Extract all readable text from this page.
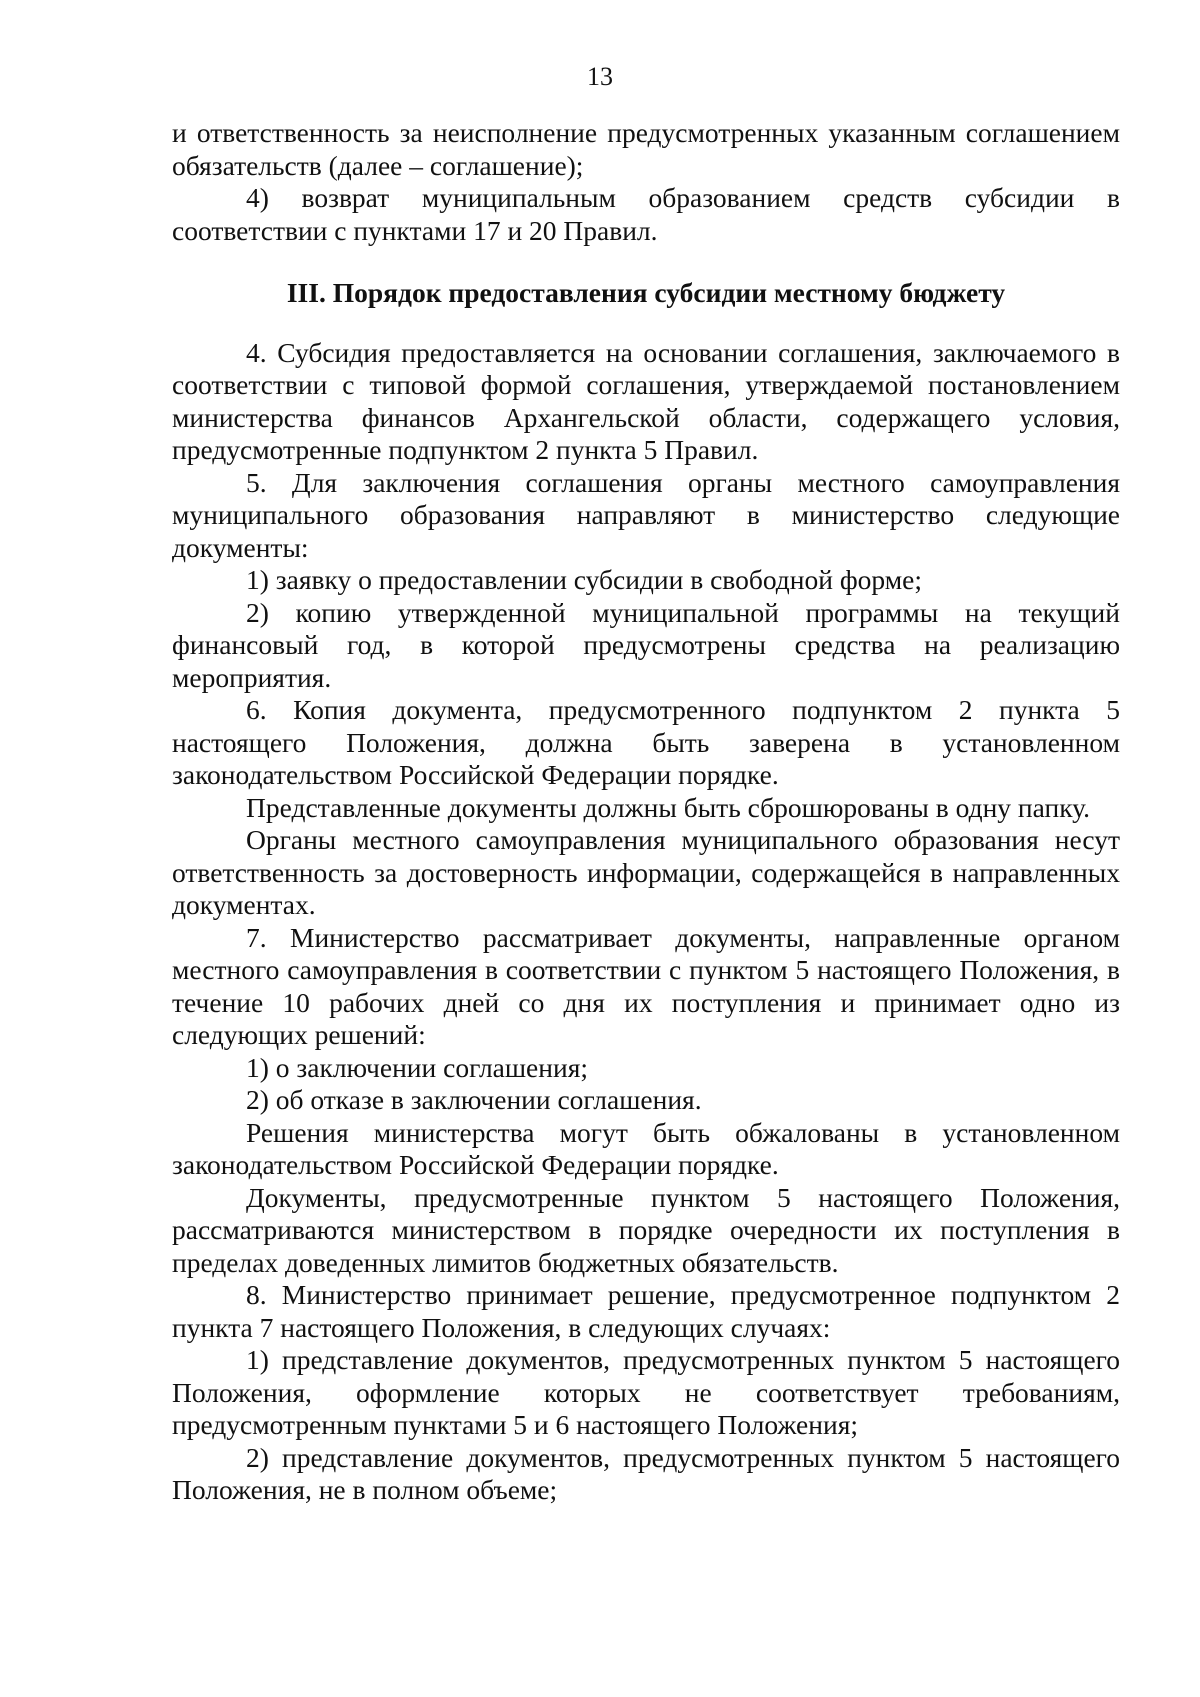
13

и ответственность за неисполнение предусмотренных указанным соглашением обязательств (далее – соглашение);

4) возврат муниципальным образованием средств субсидии в соответствии с пунктами 17 и 20 Правил.

III. Порядок предоставления субсидии местному бюджету

4. Субсидия предоставляется на основании соглашения, заключаемого в соответствии с типовой формой соглашения, утверждаемой постановлением министерства финансов Архангельской области, содержащего условия, предусмотренные подпунктом 2 пункта 5 Правил.

5. Для заключения соглашения органы местного самоуправления муниципального образования направляют в министерство следующие документы:

1) заявку о предоставлении субсидии в свободной форме;

2) копию утвержденной муниципальной программы на текущий финансовый год, в которой предусмотрены средства на реализацию мероприятия.

6. Копия документа, предусмотренного подпунктом 2 пункта 5 настоящего Положения, должна быть заверена в установленном законодательством Российской Федерации порядке.

Представленные документы должны быть сброшюрованы в одну папку.

Органы местного самоуправления муниципального образования несут ответственность за достоверность информации, содержащейся в направленных документах.

7. Министерство рассматривает документы, направленные органом местного самоуправления в соответствии с пунктом 5 настоящего Положения, в течение 10 рабочих дней со дня их поступления и принимает одно из следующих решений:

1) о заключении соглашения;

2) об отказе в заключении соглашения.

Решения министерства могут быть обжалованы в установленном законодательством Российской Федерации порядке.

Документы, предусмотренные пунктом 5 настоящего Положения, рассматриваются министерством в порядке очередности их поступления в пределах доведенных лимитов бюджетных обязательств.

8. Министерство принимает решение, предусмотренное подпунктом 2 пункта 7 настоящего Положения, в следующих случаях:

1) представление документов, предусмотренных пунктом 5 настоящего Положения, оформление которых не соответствует требованиям, предусмотренным пунктами 5 и 6 настоящего Положения;

2) представление документов, предусмотренных пунктом 5 настоящего Положения, не в полном объеме;
